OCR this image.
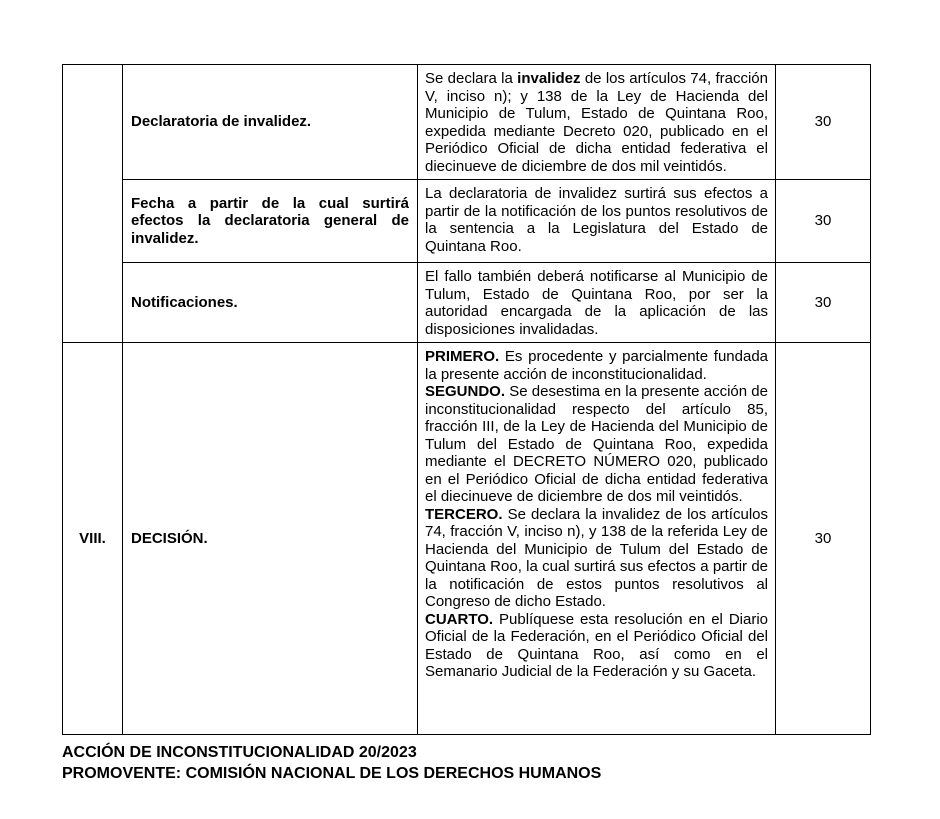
	Declaratoria de invalidez.	Se declara la invalidez de los artículos 74, fracción V, inciso n); y 138 de la Ley de Hacienda del Municipio de Tulum, Estado de Quintana Roo, expedida mediante Decreto 020, publicado en el Periódico Oficial de dicha entidad federativa el diecinueve de diciembre de dos mil veintidós.	30
	Fecha a partir de la cual surtirá efectos la declaratoria general de invalidez.	La declaratoria de invalidez surtirá sus efectos a partir de la notificación de los puntos resolutivos de la sentencia a la Legislatura del Estado de Quintana Roo.	30
	Notificaciones.	El fallo también deberá notificarse al Municipio de Tulum, Estado de Quintana Roo, por ser la autoridad encargada de la aplicación de las disposiciones invalidadas.	30
VIII.	DECISIÓN.	PRIMERO. Es procedente y parcialmente fundada la presente acción de inconstitucionalidad.
SEGUNDO. Se desestima en la presente acción de inconstitucionalidad respecto del artículo 85, fracción III, de la Ley de Hacienda del Municipio de Tulum del Estado de Quintana Roo, expedida mediante el DECRETO NÚMERO 020, publicado en el Periódico Oficial de dicha entidad federativa el diecinueve de diciembre de dos mil veintidós.
TERCERO. Se declara la invalidez de los artículos 74, fracción V, inciso n), y 138 de la referida Ley de Hacienda del Municipio de Tulum del Estado de Quintana Roo, la cual surtirá sus efectos a partir de la notificación de estos puntos resolutivos al Congreso de dicho Estado.
CUARTO. Publíquese esta resolución en el Diario Oficial de la Federación, en el Periódico Oficial del Estado de Quintana Roo, así como en el Semanario Judicial de la Federación y su Gaceta.	30
ACCIÓN DE INCONSTITUCIONALIDAD 20/2023
PROMOVENTE: COMISIÓN NACIONAL DE LOS DERECHOS HUMANOS
